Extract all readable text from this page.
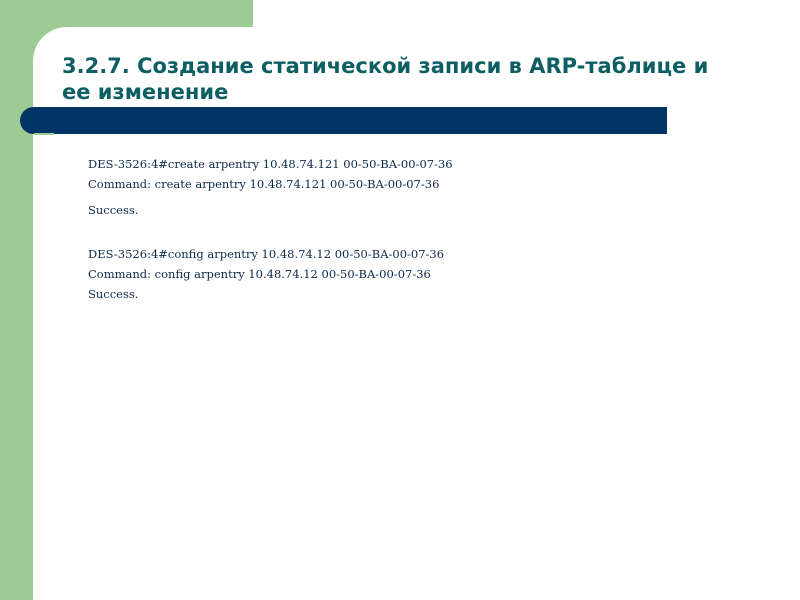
3.2.7. Создание статической записи в ARP-таблице и
ее изменение
DES-3526:4#create arpentry 10.48.74.121 00-50-BA-00-07-36
Command: create arpentry 10.48.74.121 00-50-BA-00-07-36
Success.
DES-3526:4#config arpentry 10.48.74.12 00-50-BA-00-07-36
Command: config arpentry 10.48.74.12 00-50-BA-00-07-36
Success.
